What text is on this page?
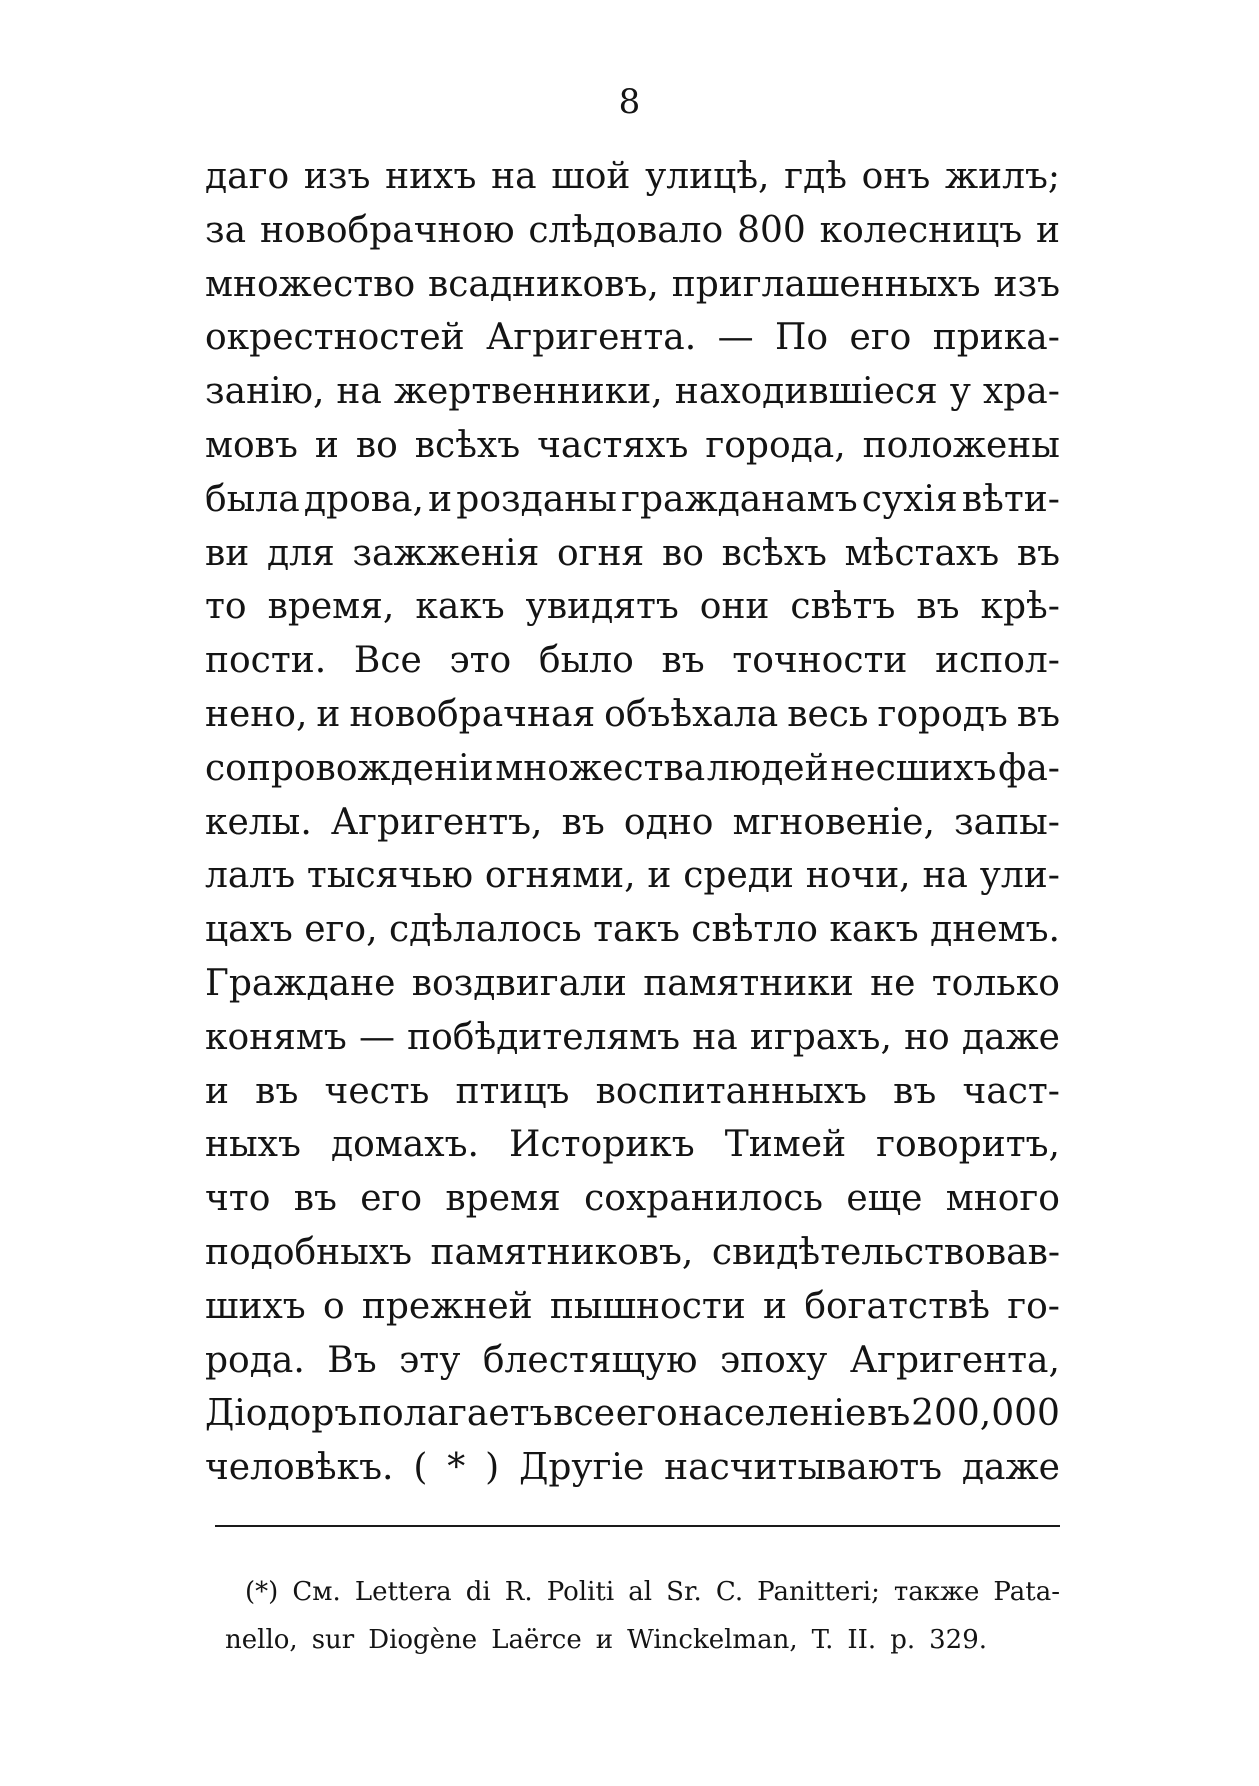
8
даго изъ нихъ на шой улицѣ, гдѣ онъ жилъ;
за новобрачною слѣдовало 800 колесницъ и
множество всадниковъ, приглашенныхъ изъ
окрестностей Агригента. — По его прика-
занію, на жертвенники, находившіеся у хра-
мовъ и во всѣхъ частяхъ города, положены
была дрова, и розданы гражданамъ сухія вѣти-
ви для зажженія огня во всѣхъ мѣстахъ въ
то время, какъ увидятъ они свѣтъ въ крѣ-
пости. Все это было въ точности испол-
нено, и новобрачная объѣхала весь городъ въ
сопровожденіи множества людей несшихъ фа-
келы. Агригентъ, въ одно мгновеніе, запы-
лалъ тысячью огнями, и среди ночи, на ули-
цахъ его, сдѣлалось такъ свѣтло какъ днемъ.
Граждане воздвигали памятники не только
конямъ — побѣдителямъ на играхъ, но даже
и въ честь птицъ воспитанныхъ въ част-
ныхъ домахъ. Историкъ Тимей говоритъ,
что въ его время сохранилось еще много
подобныхъ памятниковъ, свидѣтельствовав-
шихъ о прежней пышности и богатствѣ го-
рода. Въ эту блестящую эпоху Агригента,
Діодоръ полагаетъ все его населеніе въ 200,000
человѣкъ. ( * ) Другіе насчитываютъ даже
(*) См. Lettera di R. Politi al Sr. C. Panitteri; также Pata-
nello, sur Diogène Laërce и Winckelman, T. II. p. 329.
